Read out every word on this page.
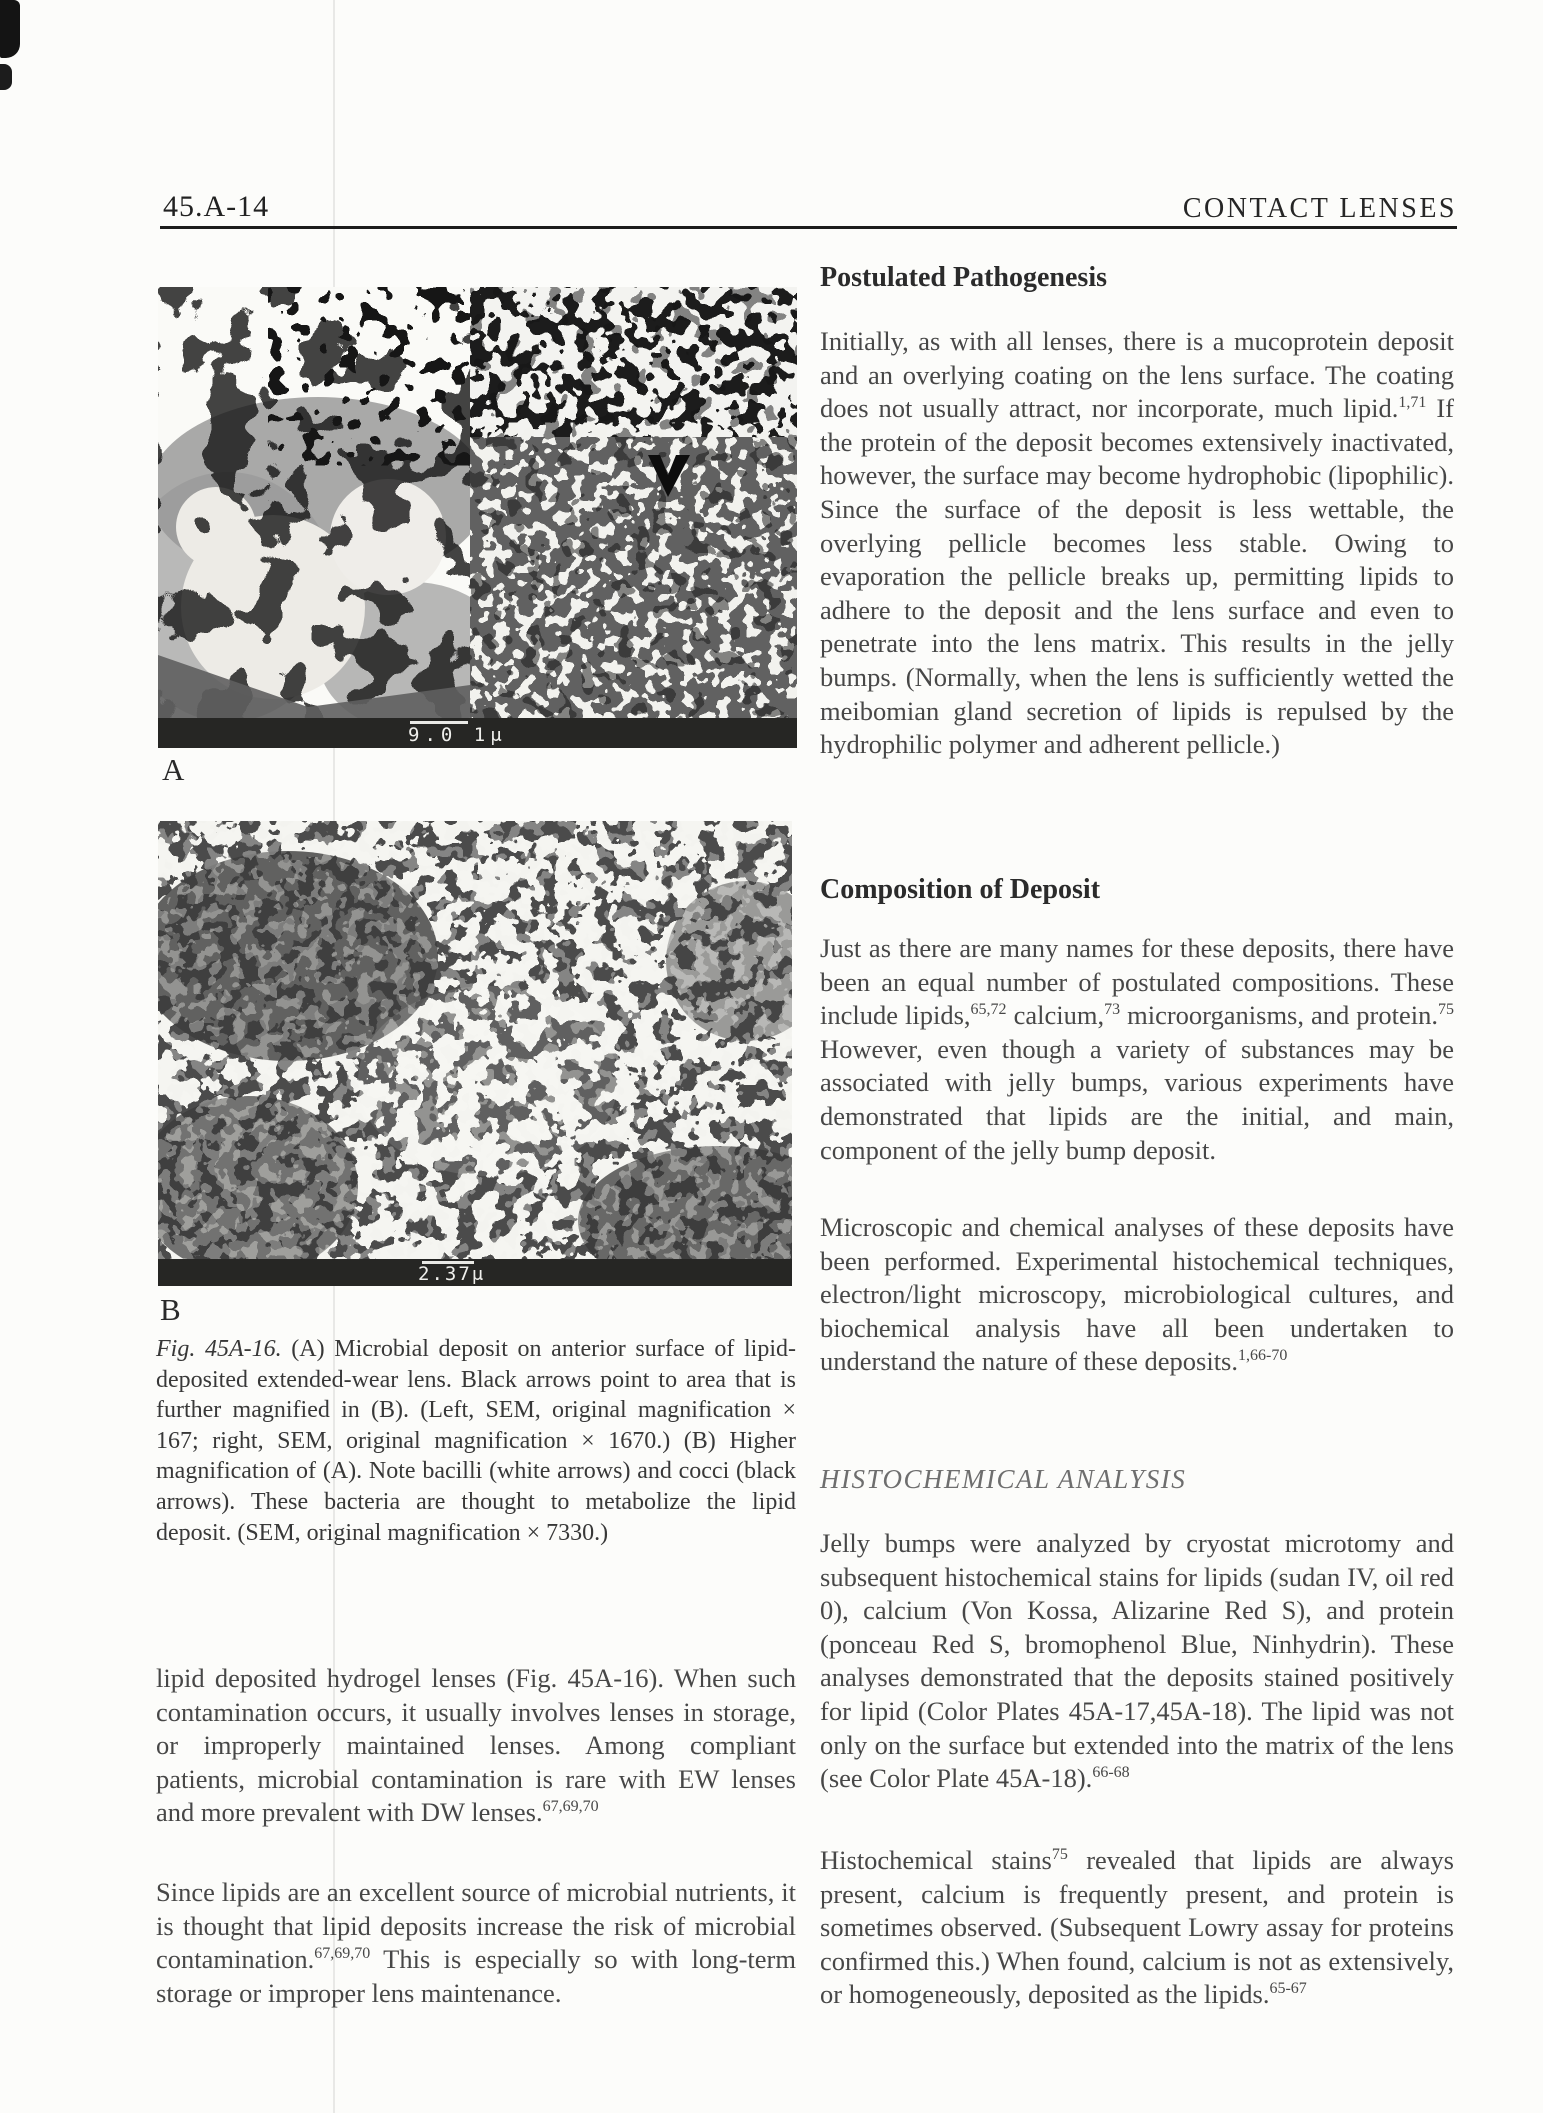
45.A-14	CONTACT LENSES
9.0 1μ
A
2.37μ
B
Fig. 45A-16. (A) Microbial deposit on anterior surface of lipid-deposited extended-wear lens. Black arrows point to area that is further magnified in (B). (Left, SEM, original magnification × 167; right, SEM, original magnification × 1670.) (B) Higher magnification of (A). Note bacilli (white arrows) and cocci (black arrows). These bacteria are thought to metabolize the lipid deposit. (SEM, original magnification × 7330.)
lipid deposited hydrogel lenses (Fig. 45A-16). When such contamination occurs, it usually involves lenses in storage, or improperly maintained lenses. Among compliant patients, microbial contamination is rare with EW lenses and more prevalent with DW lenses.$^{67,69,70}$
Since lipids are an excellent source of microbial nutrients, it is thought that lipid deposits increase the risk of microbial contamination.$^{67,69,70}$ This is especially so with long-term storage or improper lens maintenance.
Postulated Pathogenesis
Initially, as with all lenses, there is a mucoprotein deposit and an overlying coating on the lens surface. The coating does not usually attract, nor incorporate, much lipid.$^{1,71}$ If the protein of the deposit becomes extensively inactivated, however, the surface may become hydrophobic (lipophilic). Since the surface of the deposit is less wettable, the overlying pellicle becomes less stable. Owing to evaporation the pellicle breaks up, permitting lipids to adhere to the deposit and the lens surface and even to penetrate into the lens matrix. This results in the jelly bumps. (Normally, when the lens is sufficiently wetted the meibomian gland secretion of lipids is repulsed by the hydrophilic polymer and adherent pellicle.)
Composition of Deposit
Just as there are many names for these deposits, there have been an equal number of postulated compositions. These include lipids,$^{65,72}$ calcium,$^{73}$ microorganisms, and protein.$^{75}$ However, even though a variety of substances may be associated with jelly bumps, various experiments have demonstrated that lipids are the initial, and main, component of the jelly bump deposit.
Microscopic and chemical analyses of these deposits have been performed. Experimental histochemical techniques, electron/light microscopy, microbiological cultures, and biochemical analysis have all been undertaken to understand the nature of these deposits.$^{1,66-70}$
HISTOCHEMICAL ANALYSIS
Jelly bumps were analyzed by cryostat microtomy and subsequent histochemical stains for lipids (sudan IV, oil red 0), calcium (Von Kossa, Alizarine Red S), and protein (ponceau Red S, bromophenol Blue, Ninhydrin). These analyses demonstrated that the deposits stained positively for lipid (Color Plates 45A-17,45A-18). The lipid was not only on the surface but extended into the matrix of the lens (see Color Plate 45A-18).$^{66-68}$
Histochemical stains$^{75}$ revealed that lipids are always present, calcium is frequently present, and protein is sometimes observed. (Subsequent Lowry assay for proteins confirmed this.) When found, calcium is not as extensively, or homogeneously, deposited as the lipids.$^{65-67}$
